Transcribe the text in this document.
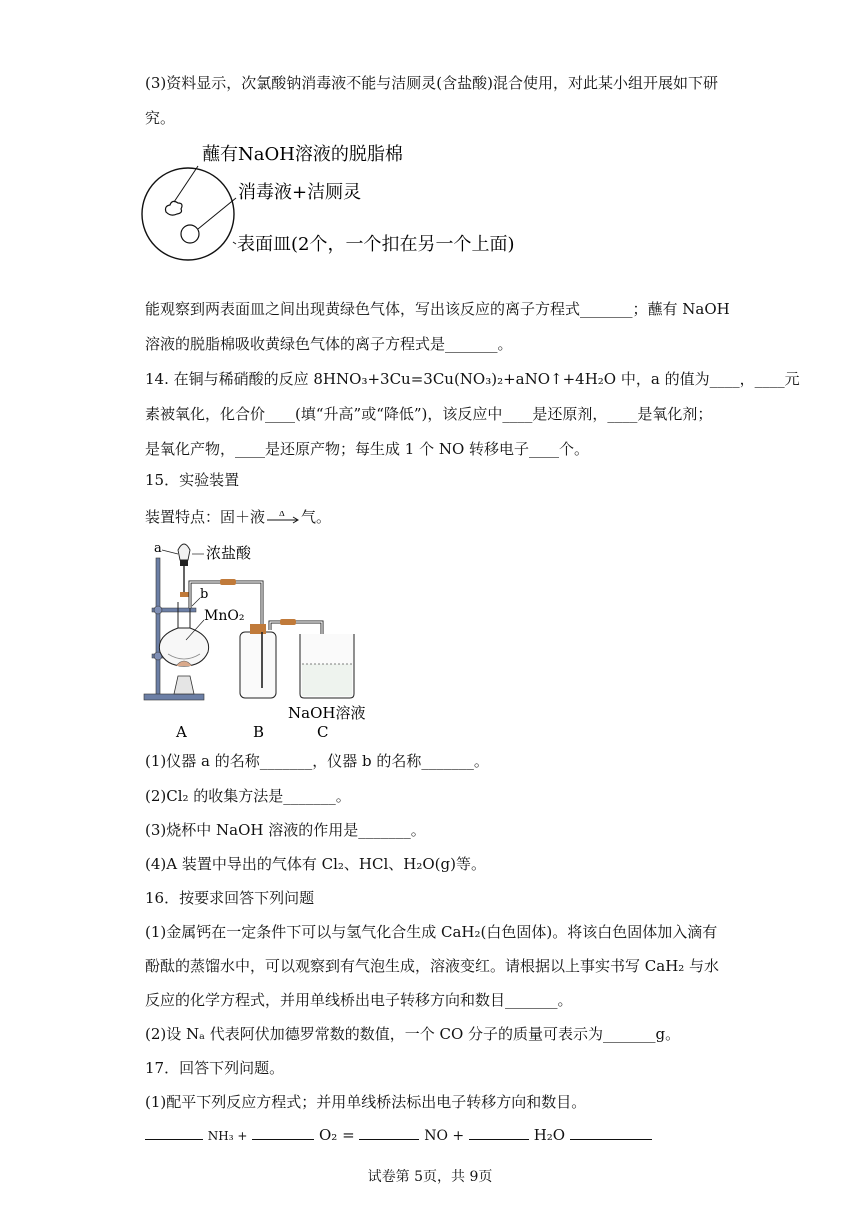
(3)资料显示，次氯酸钠消毒液不能与洁厕灵(含盐酸)混合使用，对此某小组开展如下研
究。
蘸有NaOH溶液的脱脂棉
消毒液+洁厕灵
表面皿(2个，一个扣在另一个上面)
能观察到两表面皿之间出现黄绿色气体，写出该反应的离子方程式_______；蘸有 NaOH
溶液的脱脂棉吸收黄绿色气体的离子方程式是_______。
14. 在铜与稀硝酸的反应 8HNO₃+3Cu=3Cu(NO₃)₂+aNO↑+4H₂O 中，a 的值为____，____元
素被氧化，化合价____(填“升高”或“降低”)，该反应中____是还原剂，____是氧化剂；
是氧化产物，____是还原产物；每生成 1 个 NO 转移电子____个。
15．实验装置
装置特点：固＋液 Δ 气。
a	浓盐酸
b
MnO₂
NaOH溶液
A	B	C
(1)仪器 a 的名称_______，仪器 b 的名称_______。
(2)Cl₂ 的收集方法是_______。
(3)烧杯中 NaOH 溶液的作用是_______。
(4)A 装置中导出的气体有 Cl₂、HCl、H₂O(g)等。
16．按要求回答下列问题
(1)金属钙在一定条件下可以与氢气化合生成 CaH₂(白色固体)。将该白色固体加入滴有
酚酞的蒸馏水中，可以观察到有气泡生成，溶液变红。请根据以上事实书写 CaH₂ 与水
反应的化学方程式，并用单线桥出电子转移方向和数目_______。
(2)设 Nₐ 代表阿伏加德罗常数的数值，一个 CO 分子的质量可表示为_______g。
17．回答下列问题。
(1)配平下列反应方程式；并用单线桥法标出电子转移方向和数目。
NH₃ +	O₂ =	NO +	H₂O
试卷第 5页，共 9页
